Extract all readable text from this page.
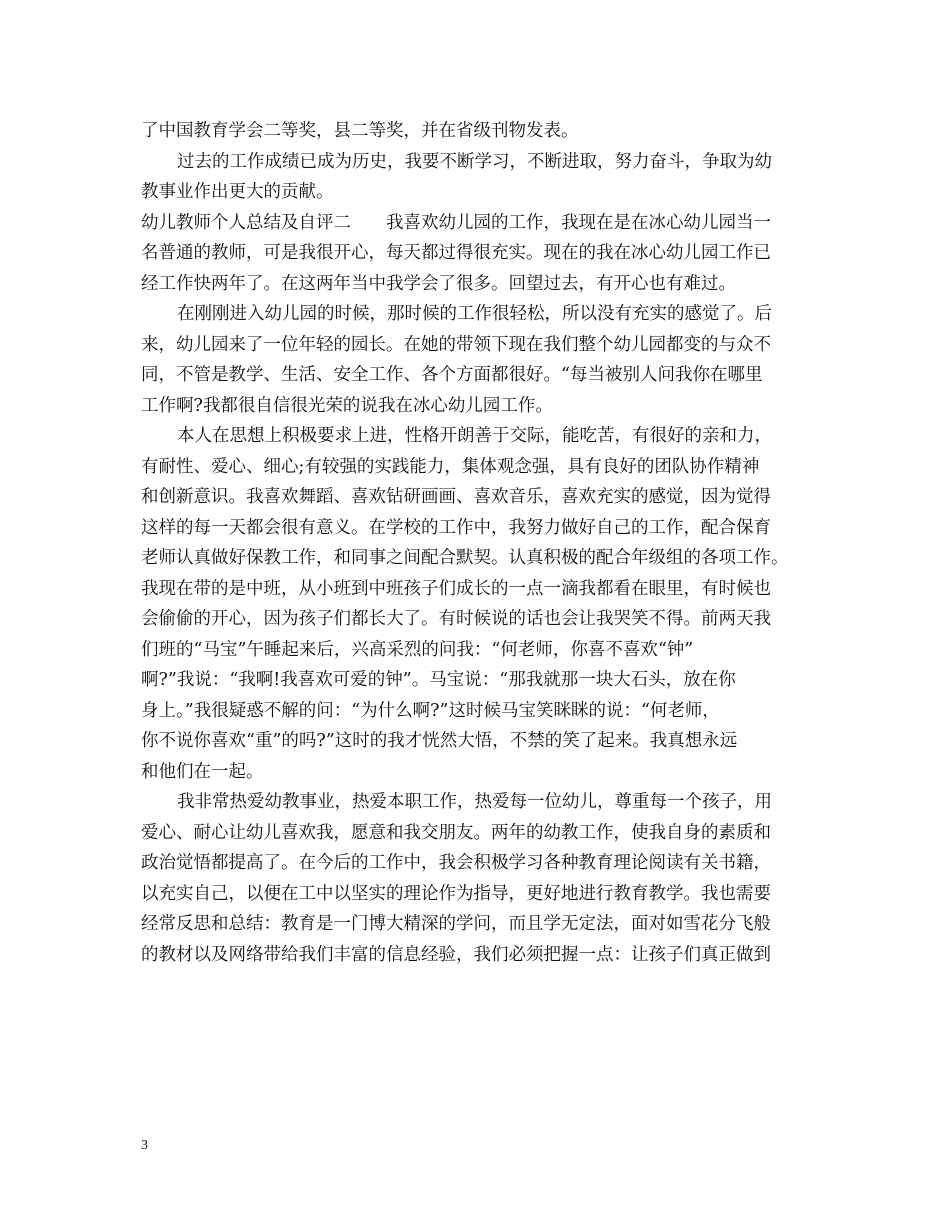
了中国教育学会二等奖，县二等奖，并在省级刊物发表。
过去的工作成绩已成为历史，我要不断学习，不断进取，努力奋斗，争取为幼
教事业作出更大的贡献。
幼儿教师个人总结及自评二　　我喜欢幼儿园的工作，我现在是在冰心幼儿园当一
名普通的教师，可是我很开心，每天都过得很充实。现在的我在冰心幼儿园工作已
经工作快两年了。在这两年当中我学会了很多。回望过去，有开心也有难过。
在刚刚进入幼儿园的时候，那时候的工作很轻松，所以没有充实的感觉了。后
来，幼儿园来了一位年轻的园长。在她的带领下现在我们整个幼儿园都变的与众不
同，不管是教学、生活、安全工作、各个方面都很好。“每当被别人问我你在哪里
工作啊?我都很自信很光荣的说我在冰心幼儿园工作。
本人在思想上积极要求上进，性格开朗善于交际，能吃苦，有很好的亲和力，
有耐性、爱心、细心;有较强的实践能力，集体观念强，具有良好的团队协作精神
和创新意识。我喜欢舞蹈、喜欢钻研画画、喜欢音乐，喜欢充实的感觉，因为觉得
这样的每一天都会很有意义。在学校的工作中，我努力做好自己的工作，配合保育
老师认真做好保教工作，和同事之间配合默契。认真积极的配合年级组的各项工作。
我现在带的是中班，从小班到中班孩子们成长的一点一滴我都看在眼里，有时候也
会偷偷的开心，因为孩子们都长大了。有时候说的话也会让我哭笑不得。前两天我
们班的“马宝”午睡起来后，兴高采烈的问我：“何老师，你喜不喜欢“钟”
啊?”我说：“我啊!我喜欢可爱的钟”。马宝说：“那我就那一块大石头，放在你
身上。”我很疑惑不解的问：“为什么啊?”这时候马宝笑眯眯的说：“何老师，
你不说你喜欢“重”的吗?”这时的我才恍然大悟，不禁的笑了起来。我真想永远
和他们在一起。
我非常热爱幼教事业，热爱本职工作，热爱每一位幼儿，尊重每一个孩子，用
爱心、耐心让幼儿喜欢我，愿意和我交朋友。两年的幼教工作，使我自身的素质和
政治觉悟都提高了。在今后的工作中，我会积极学习各种教育理论阅读有关书籍，
以充实自己，以便在工中以坚实的理论作为指导，更好地进行教育教学。我也需要
经常反思和总结：教育是一门博大精深的学问，而且学无定法，面对如雪花分飞般
的教材以及网络带给我们丰富的信息经验，我们必须把握一点：让孩子们真正做到
3
